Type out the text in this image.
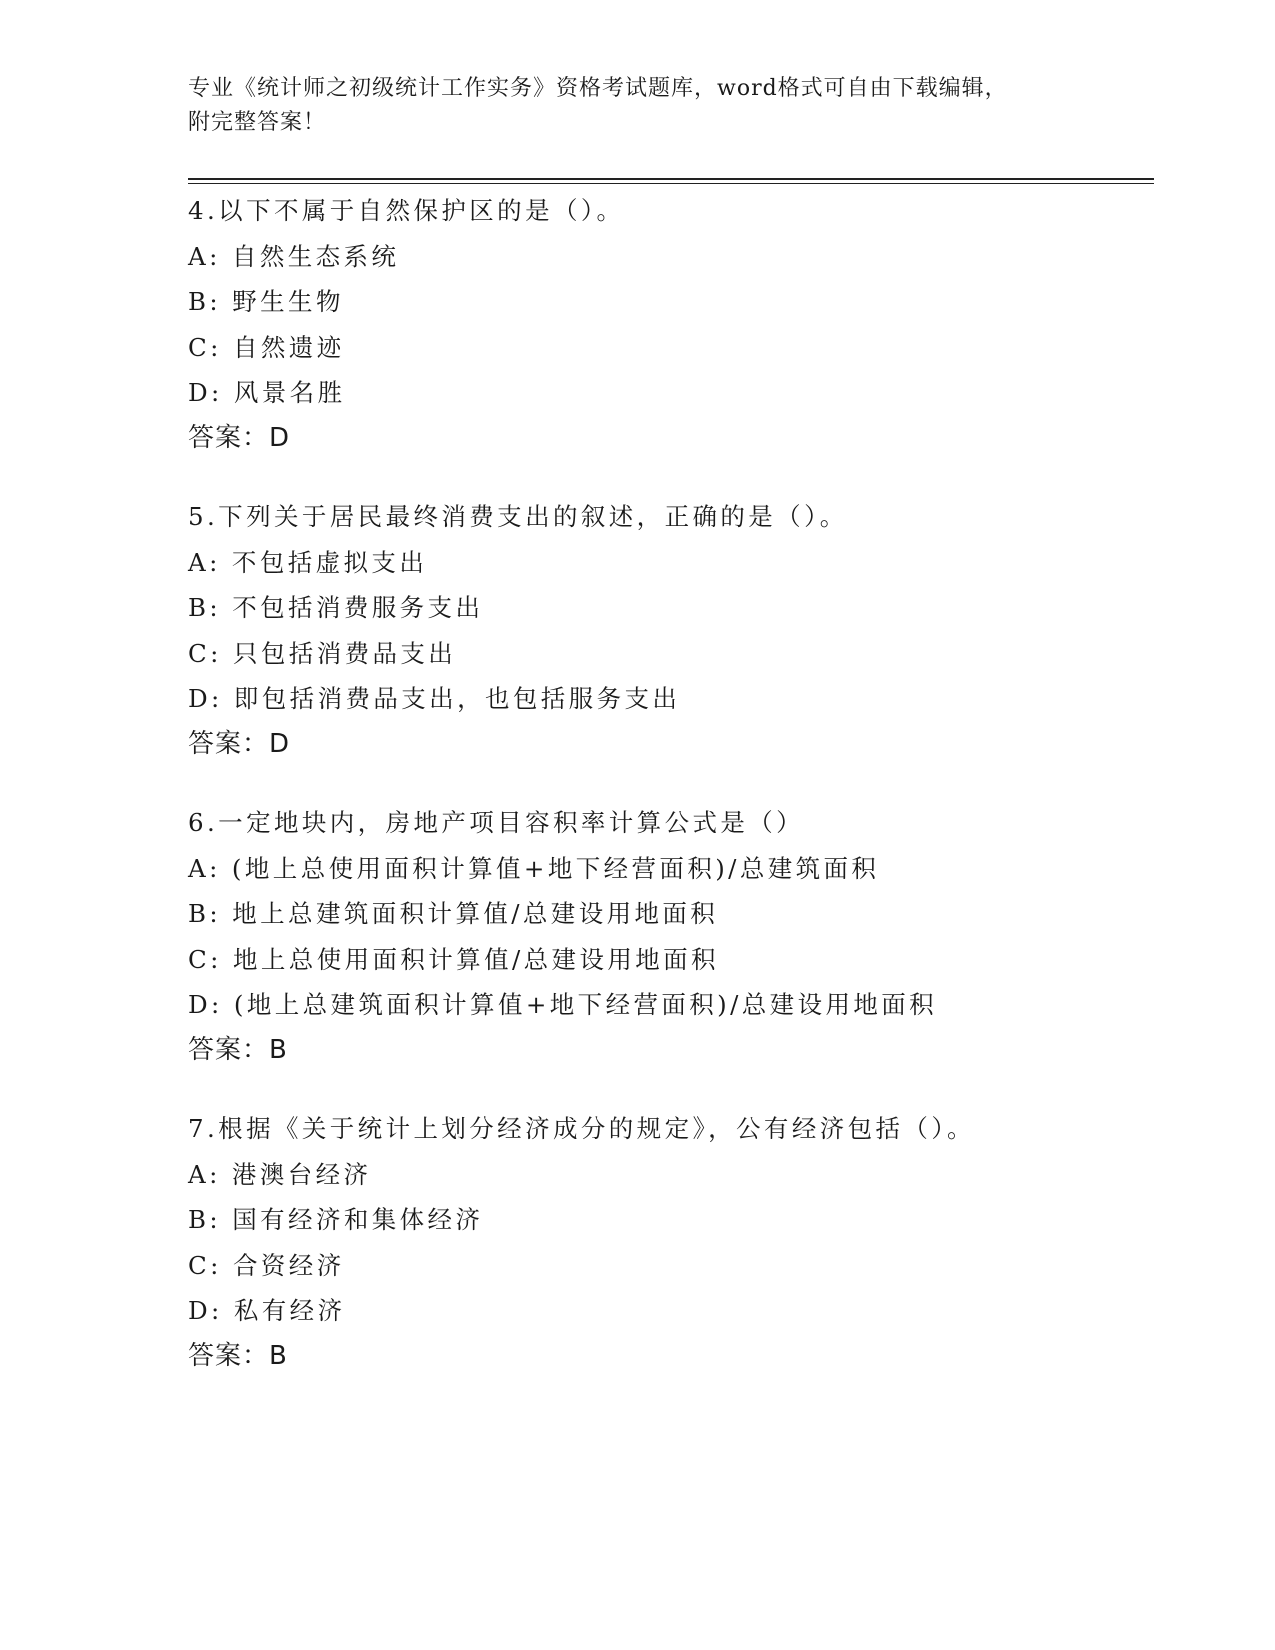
专业《统计师之初级统计工作实务》资格考试题库，word格式可自由下载编辑，
附完整答案！
4.以下不属于自然保护区的是（）。
A: 自然生态系统
B: 野生生物
C: 自然遗迹
D: 风景名胜
答案：D
5.下列关于居民最终消费支出的叙述，正确的是（）。
A: 不包括虚拟支出
B: 不包括消费服务支出
C: 只包括消费品支出
D: 即包括消费品支出，也包括服务支出
答案：D
6.一定地块内，房地产项目容积率计算公式是（）
A: (地上总使用面积计算值+地下经营面积)/总建筑面积
B: 地上总建筑面积计算值/总建设用地面积
C: 地上总使用面积计算值/总建设用地面积
D: (地上总建筑面积计算值+地下经营面积)/总建设用地面积
答案：B
7.根据《关于统计上划分经济成分的规定》，公有经济包括（）。
A: 港澳台经济
B: 国有经济和集体经济
C: 合资经济
D: 私有经济
答案：B
